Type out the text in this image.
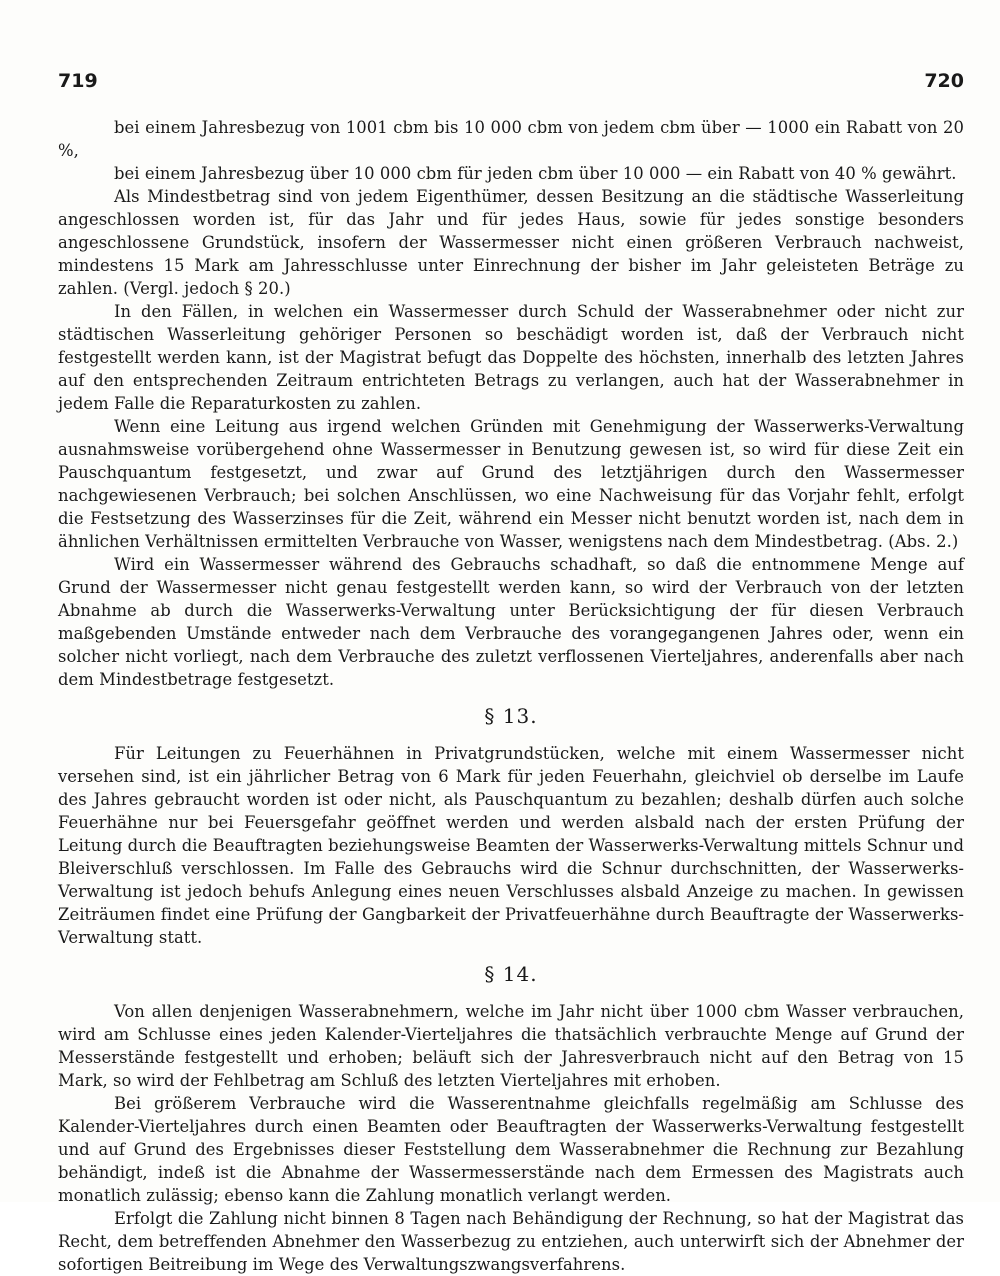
719	720

bei einem Jahresbezug von 1001 cbm bis 10 000 cbm von jedem cbm über — 1000 ein Rabatt von 20 %,

bei einem Jahresbezug über 10 000 cbm für jeden cbm über 10 000 — ein Rabatt von 40 % gewährt.

Als Mindestbetrag sind von jedem Eigenthümer, dessen Besitzung an die städtische Wasserleitung angeschlossen worden ist, für das Jahr und für jedes Haus, sowie für jedes sonstige besonders angeschlossene Grundstück, insofern der Wassermesser nicht einen größeren Verbrauch nachweist, mindestens 15 Mark am Jahresschlusse unter Einrechnung der bisher im Jahr geleisteten Beträge zu zahlen. (Vergl. jedoch § 20.)

In den Fällen, in welchen ein Wassermesser durch Schuld der Wasserabnehmer oder nicht zur städtischen Wasserleitung gehöriger Personen so beschädigt worden ist, daß der Verbrauch nicht festgestellt werden kann, ist der Magistrat befugt das Doppelte des höchsten, innerhalb des letzten Jahres auf den entsprechenden Zeitraum entrichteten Betrags zu verlangen, auch hat der Wasserabnehmer in jedem Falle die Reparaturkosten zu zahlen.

Wenn eine Leitung aus irgend welchen Gründen mit Genehmigung der Wasserwerks-Verwaltung ausnahmsweise vorübergehend ohne Wassermesser in Benutzung gewesen ist, so wird für diese Zeit ein Pauschquantum festgesetzt, und zwar auf Grund des letztjährigen durch den Wassermesser nachgewiesenen Verbrauch; bei solchen Anschlüssen, wo eine Nachweisung für das Vorjahr fehlt, erfolgt die Festsetzung des Wasserzinses für die Zeit, während ein Messer nicht benutzt worden ist, nach dem in ähnlichen Verhältnissen ermittelten Verbrauche von Wasser, wenigstens nach dem Mindestbetrag. (Abs. 2.)

Wird ein Wassermesser während des Gebrauchs schadhaft, so daß die entnommene Menge auf Grund der Wassermesser nicht genau festgestellt werden kann, so wird der Verbrauch von der letzten Abnahme ab durch die Wasserwerks-Verwaltung unter Berücksichtigung der für diesen Verbrauch maßgebenden Umstände entweder nach dem Verbrauche des vorangegangenen Jahres oder, wenn ein solcher nicht vorliegt, nach dem Verbrauche des zuletzt verflossenen Vierteljahres, anderenfalls aber nach dem Mindestbetrage festgesetzt.

§ 13.

Für Leitungen zu Feuerhähnen in Privatgrundstücken, welche mit einem Wassermesser nicht versehen sind, ist ein jährlicher Betrag von 6 Mark für jeden Feuerhahn, gleichviel ob derselbe im Laufe des Jahres gebraucht worden ist oder nicht, als Pauschquantum zu bezahlen; deshalb dürfen auch solche Feuerhähne nur bei Feuersgefahr geöffnet werden und werden alsbald nach der ersten Prüfung der Leitung durch die Beauftragten beziehungsweise Beamten der Wasserwerks-Verwaltung mittels Schnur und Bleiverschluß verschlossen. Im Falle des Gebrauchs wird die Schnur durchschnitten, der Wasserwerks-Verwaltung ist jedoch behufs Anlegung eines neuen Verschlusses alsbald Anzeige zu machen. In gewissen Zeiträumen findet eine Prüfung der Gangbarkeit der Privatfeuerhähne durch Beauftragte der Wasserwerks-Verwaltung statt.

§ 14.

Von allen denjenigen Wasserabnehmern, welche im Jahr nicht über 1000 cbm Wasser verbrauchen, wird am Schlusse eines jeden Kalender-Vierteljahres die thatsächlich verbrauchte Menge auf Grund der Messerstände festgestellt und erhoben; beläuft sich der Jahresverbrauch nicht auf den Betrag von 15 Mark, so wird der Fehlbetrag am Schluß des letzten Vierteljahres mit erhoben.

Bei größerem Verbrauche wird die Wasserentnahme gleichfalls regelmäßig am Schlusse des Kalender-Vierteljahres durch einen Beamten oder Beauftragten der Wasserwerks-Verwaltung festgestellt und auf Grund des Ergebnisses dieser Feststellung dem Wasserabnehmer die Rechnung zur Bezahlung behändigt, indeß ist die Abnahme der Wassermesserstände nach dem Ermessen des Magistrats auch monatlich zulässig; ebenso kann die Zahlung monatlich verlangt werden.

Erfolgt die Zahlung nicht binnen 8 Tagen nach Behändigung der Rechnung, so hat der Magistrat das Recht, dem betreffenden Abnehmer den Wasserbezug zu entziehen, auch unterwirft sich der Abnehmer der sofortigen Beitreibung im Wege des Verwaltungszwangsverfahrens.
